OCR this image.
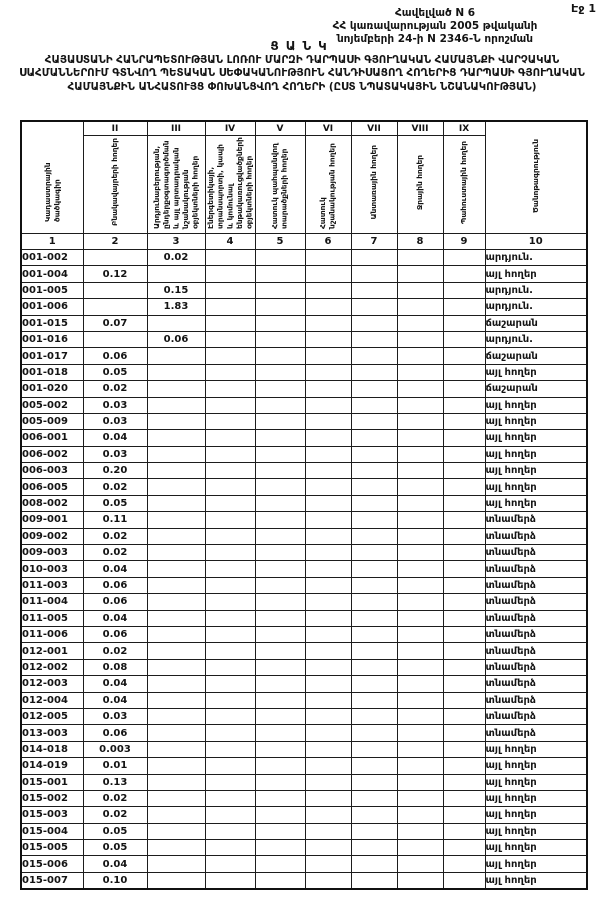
Էջ 1
Հավելված N 6
ՀՀ կառավարության 2005 թվականի
նոյեմբերի 24-ի N 2346-Ն որոշման
ՑԱՆԿ
ՀԱՅԱՍՏԱՆԻ ՀԱՆՐԱՊԵՏՈՒԹՅԱՆ ԼՈՌՈՒ ՄԱՐԶԻ ԴԱՐՊԱՍԻ ԳՅՈՒՂԱԿԱՆ ՀԱՄԱՅՆՔԻ ՎԱՐՉԱԿԱՆ ՍԱՀՄԱՆՆԵՐՈՒՄ ԳՏՆՎՈՂ ՊԵՏԱԿԱՆ ՍԵՓԱԿԱՆՈՒԹՅՈՒՆ ՀԱՆԴԻՍԱՑՈՂ ՀՈՂԵՐԻՑ ԴԱՐՊԱՍԻ ԳՅՈՒՂԱԿԱՆ ՀԱՄԱՅՆՔԻՆ ԱՆՀԱՏՈՒՅՑ ՓՈԽԱՆՑՎՈՂ ՀՈՂԵՐԻ (ԸՍՏ ՆՊԱՏԱԿԱՅԻՆ ՆՇԱՆԱԿՈՒԹՅԱՆ)
Կադաստրային ծածկագիր	II	III	IV	V	VI	VII	VIII	IX	Ծանոթագրություն
	Բնակավայրերի հողեր	Արդյունաբերության, ընդերքօգտագործման և այլ արտադրական նշանակության օբյեկտների հողեր	Էներգետիկայի, տրանսպորտի, կապի և կոմունալ ենթակառուցվածքների օբյեկտների հողեր	Հատուկ պահպանվող տարածքների հողեր	Հատուկ նշանակության հողեր	Անտառային հողեր	Ջրային հողեր	Պահուստային հողեր	
1	2	3	4	5	6	7	8	9	10
001-002		0.02							արդյուն.
001-004	0.12								այլ հողեր
001-005		0.15							արդյուն.
001-006		1.83							արդյուն.
001-015	0.07								ճաշարան
001-016		0.06							արդյուն.
001-017	0.06								ճաշարան
001-018	0.05								այլ հողեր
001-020	0.02								ճաշարան
005-002	0.03								այլ հողեր
005-009	0.03								այլ հողեր
006-001	0.04								այլ հողեր
006-002	0.03								այլ հողեր
006-003	0.20								այլ հողեր
006-005	0.02								այլ հողեր
008-002	0.05								այլ հողեր
009-001	0.11								տնամերձ
009-002	0.02								տնամերձ
009-003	0.02								տնամերձ
010-003	0.04								տնամերձ
011-003	0.06								տնամերձ
011-004	0.06								տնամերձ
011-005	0.04								տնամերձ
011-006	0.06								տնամերձ
012-001	0.02								տնամերձ
012-002	0.08								տնամերձ
012-003	0.04								տնամերձ
012-004	0.04								տնամերձ
012-005	0.03								տնամերձ
013-003	0.06								տնամերձ
014-018	0.003								այլ հողեր
014-019	0.01								այլ հողեր
015-001	0.13								այլ հողեր
015-002	0.02								այլ հողեր
015-003	0.02								այլ հողեր
015-004	0.05								այլ հողեր
015-005	0.05								այլ հողեր
015-006	0.04								այլ հողեր
015-007	0.10								այլ հողեր
